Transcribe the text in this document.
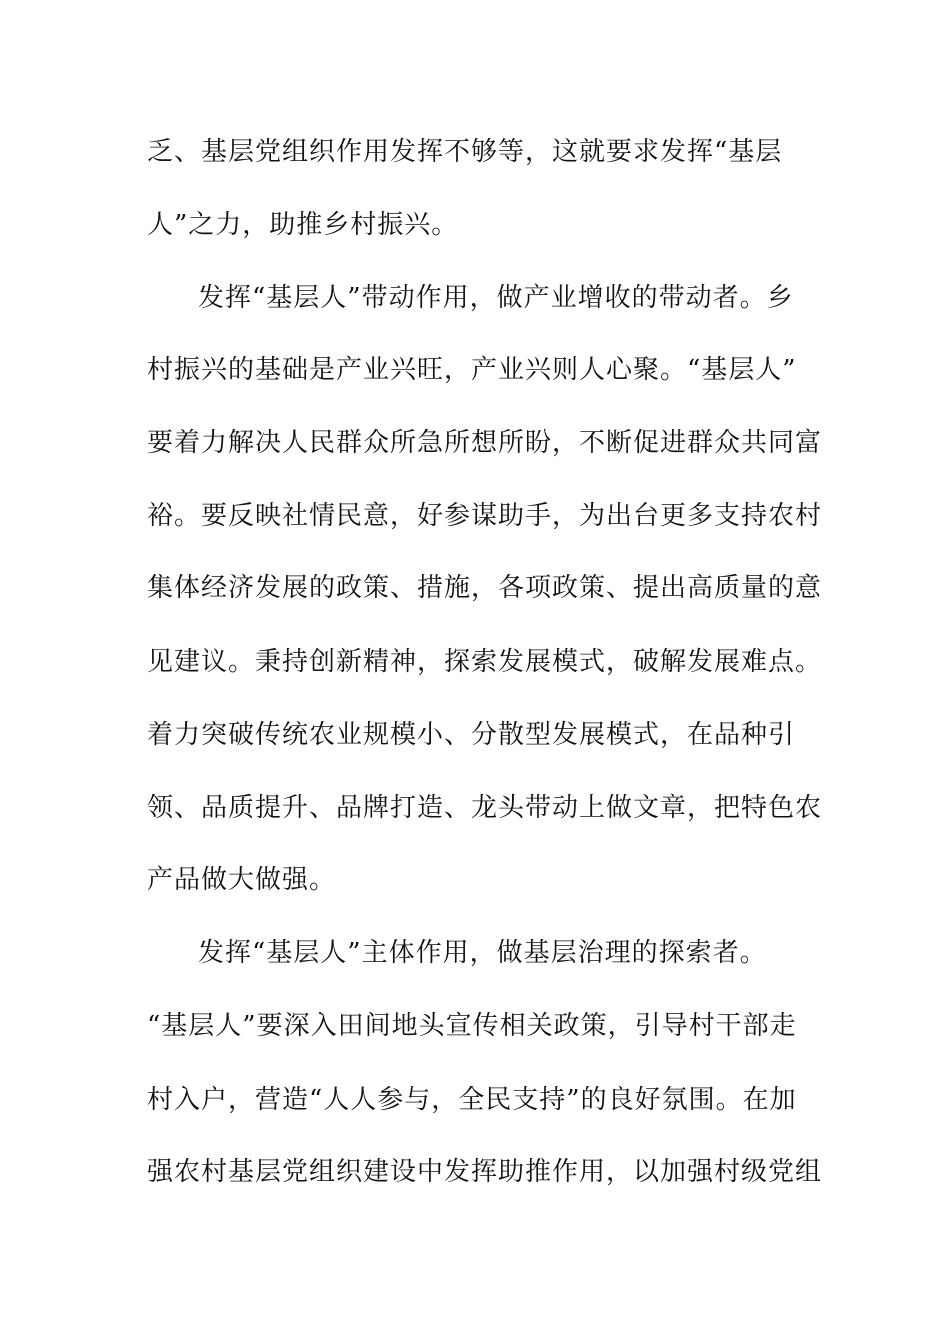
乏、基层党组织作用发挥不够等，这就要求发挥“基层
人”之力，助推乡村振兴。
发挥“基层人”带动作用，做产业增收的带动者。乡
村振兴的基础是产业兴旺，产业兴则人心聚。“基层人”
要着力解决人民群众所急所想所盼，不断促进群众共同富
裕。要反映社情民意，好参谋助手，为出台更多支持农村
集体经济发展的政策、措施，各项政策、提出高质量的意
见建议。秉持创新精神，探索发展模式，破解发展难点。
着力突破传统农业规模小、分散型发展模式，在品种引
领、品质提升、品牌打造、龙头带动上做文章，把特色农
产品做大做强。
发挥“基层人”主体作用，做基层治理的探索者。
“基层人”要深入田间地头宣传相关政策，引导村干部走
村入户，营造“人人参与，全民支持”的良好氛围。在加
强农村基层党组织建设中发挥助推作用，以加强村级党组
